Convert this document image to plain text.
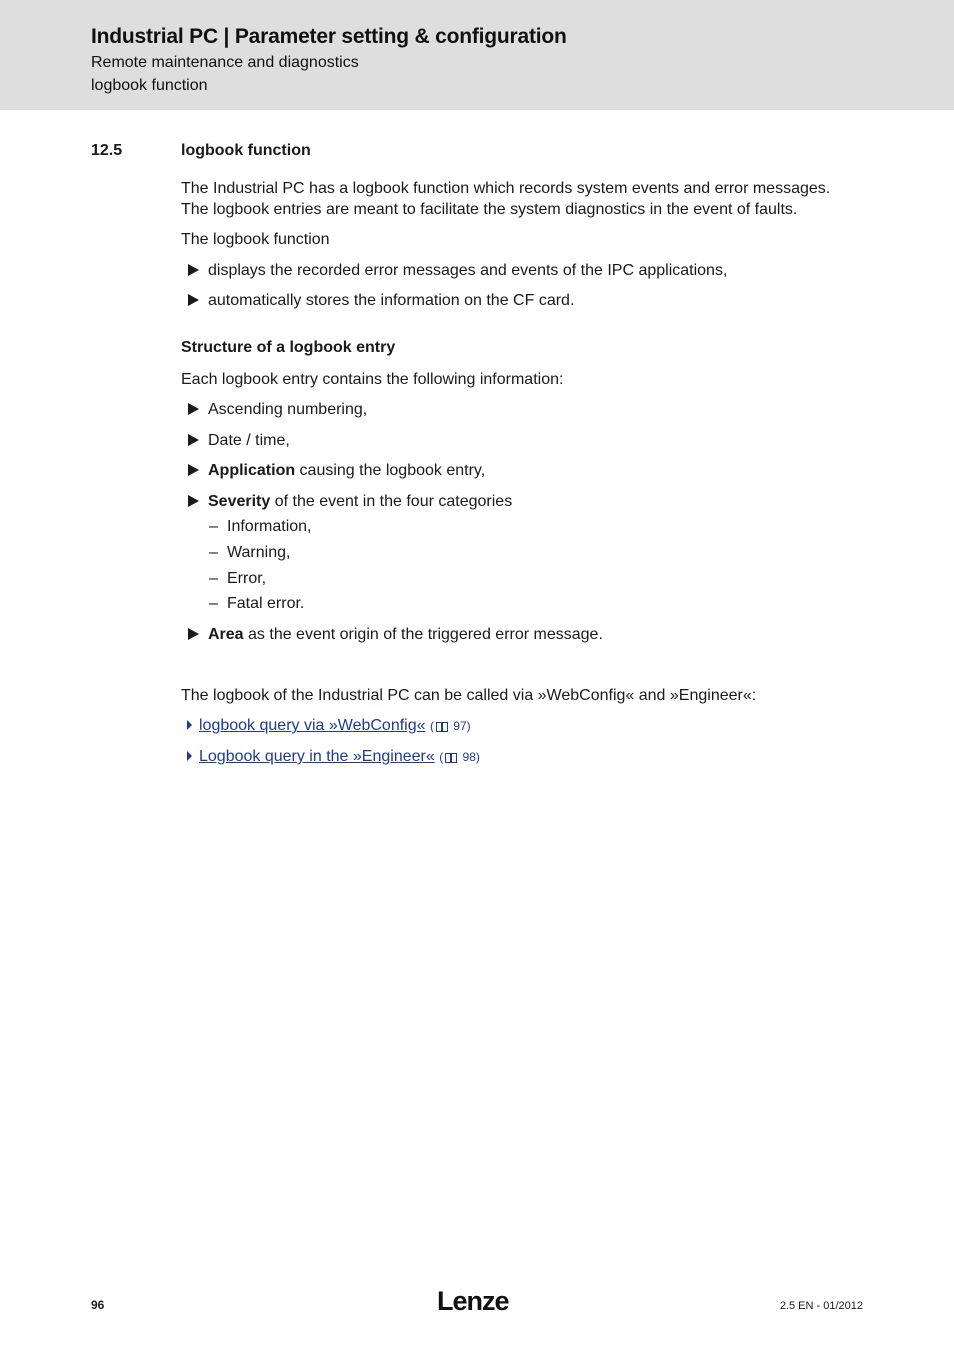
Industrial PC | Parameter setting & configuration
Remote maintenance and diagnostics
logbook function
12.5	logbook function

The Industrial PC has a logbook function which records system events and error messages.
The logbook entries are meant to facilitate the system diagnostics in the event of faults.

The logbook function

displays the recorded error messages and events of the IPC applications,
automatically stores the information on the CF card.

Structure of a logbook entry

Each logbook entry contains the following information:

Ascending numbering,
Date / time,
Application causing the logbook entry,
Severity of the event in the four categories
– Information,
– Warning,
– Error,
– Fatal error.
Area as the event origin of the triggered error message.

The logbook of the Industrial PC can be called via »WebConfig« and »Engineer«:

logbook query via »WebConfig« ( 97)
Logbook query in the »Engineer« ( 98)
96	Lenze	2.5 EN - 01/2012
